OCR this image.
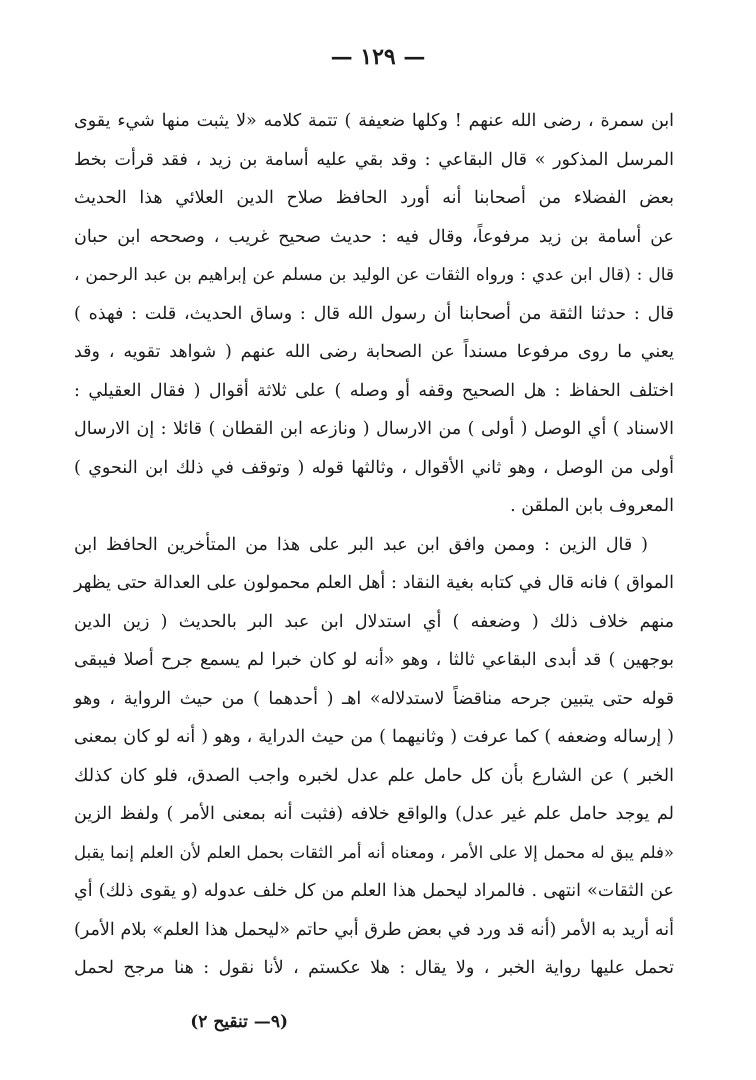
— ١٢٩ —
ابن سمرة ، رضى الله عنهم ! وكلها ضعيفة ) تتمة كلامه «لا يثبت منها شيء يقوى
المرسل المذكور » قال البقاعي : وقد بقي عليه أسامة بن زيد ، فقد قرأت بخط
بعض الفضلاء من أصحابنا أنه أورد الحافظ صلاح الدين العلائي هذا الحديث
عن أسامة بن زيد مرفوعاً، وقال فيه : حديث صحيح غريب ، وصححه ابن حبان
قال : (قال ابن عدي : ورواه الثقات عن الوليد بن مسلم عن إبراهيم بن عبد الرحمن ،
قال : حدثنا الثقة من أصحابنا أن رسول الله قال : وساق الحديث، قلت : فهذه )
يعني ما روى مرفوعا مسنداً عن الصحابة رضى الله عنهم ( شواهد تقويه ، وقد
اختلف الحفاظ : هل الصحيح وقفه أو وصله ) على ثلاثة أقوال ( فقال العقيلي :
الاسناد ) أي الوصل ( أولى ) من الارسال ( ونازعه ابن القطان ) قائلا : إن الارسال
أولى من الوصل ، وهو ثاني الأقوال ، وثالثها قوله ( وتوقف في ذلك ابن النحوي )
المعروف بابن الملقن .
( قال الزين : وممن وافق ابن عبد البر على هذا من المتأخرين الحافظ ابن
المواق ) فانه قال في كتابه بغية النقاد : أهل العلم محمولون على العدالة حتى يظهر
منهم خلاف ذلك ( وضعفه ) أي استدلال ابن عبد البر بالحديث ( زين الدين
بوجهين ) قد أبدى البقاعي ثالثا ، وهو «أنه لو كان خبرا لم يسمع جرح أصلا فيبقى
قوله حتى يتبين جرحه مناقضاً لاستدلاله» اهـ ( أحدهما ) من حيث الرواية ، وهو
( إرساله وضعفه ) كما عرفت ( وثانيهما ) من حيث الدراية ، وهو ( أنه لو كان بمعنى
الخبر ) عن الشارع بأن كل حامل علم عدل لخبره واجب الصدق، فلو كان كذلك
لم يوجد حامل علم غير عدل) والواقع خلافه (فثبت أنه بمعنى الأمر ) ولفظ الزين
«فلم يبق له محمل إلا على الأمر ، ومعناه أنه أمر الثقات بحمل العلم لأن العلم إنما يقبل
عن الثقات» انتهى . فالمراد ليحمل هذا العلم من كل خلف عدوله (و يقوى ذلك) أي
أنه أريد به الأمر (أنه قد ورد في بعض طرق أبي حاتم «ليحمل هذا العلم» بلام الأمر)
تحمل عليها رواية الخبر ، ولا يقال : هلا عكستم ، لأنا نقول : هنا مرجح لحمل
(٩— تنقيح ٢)
